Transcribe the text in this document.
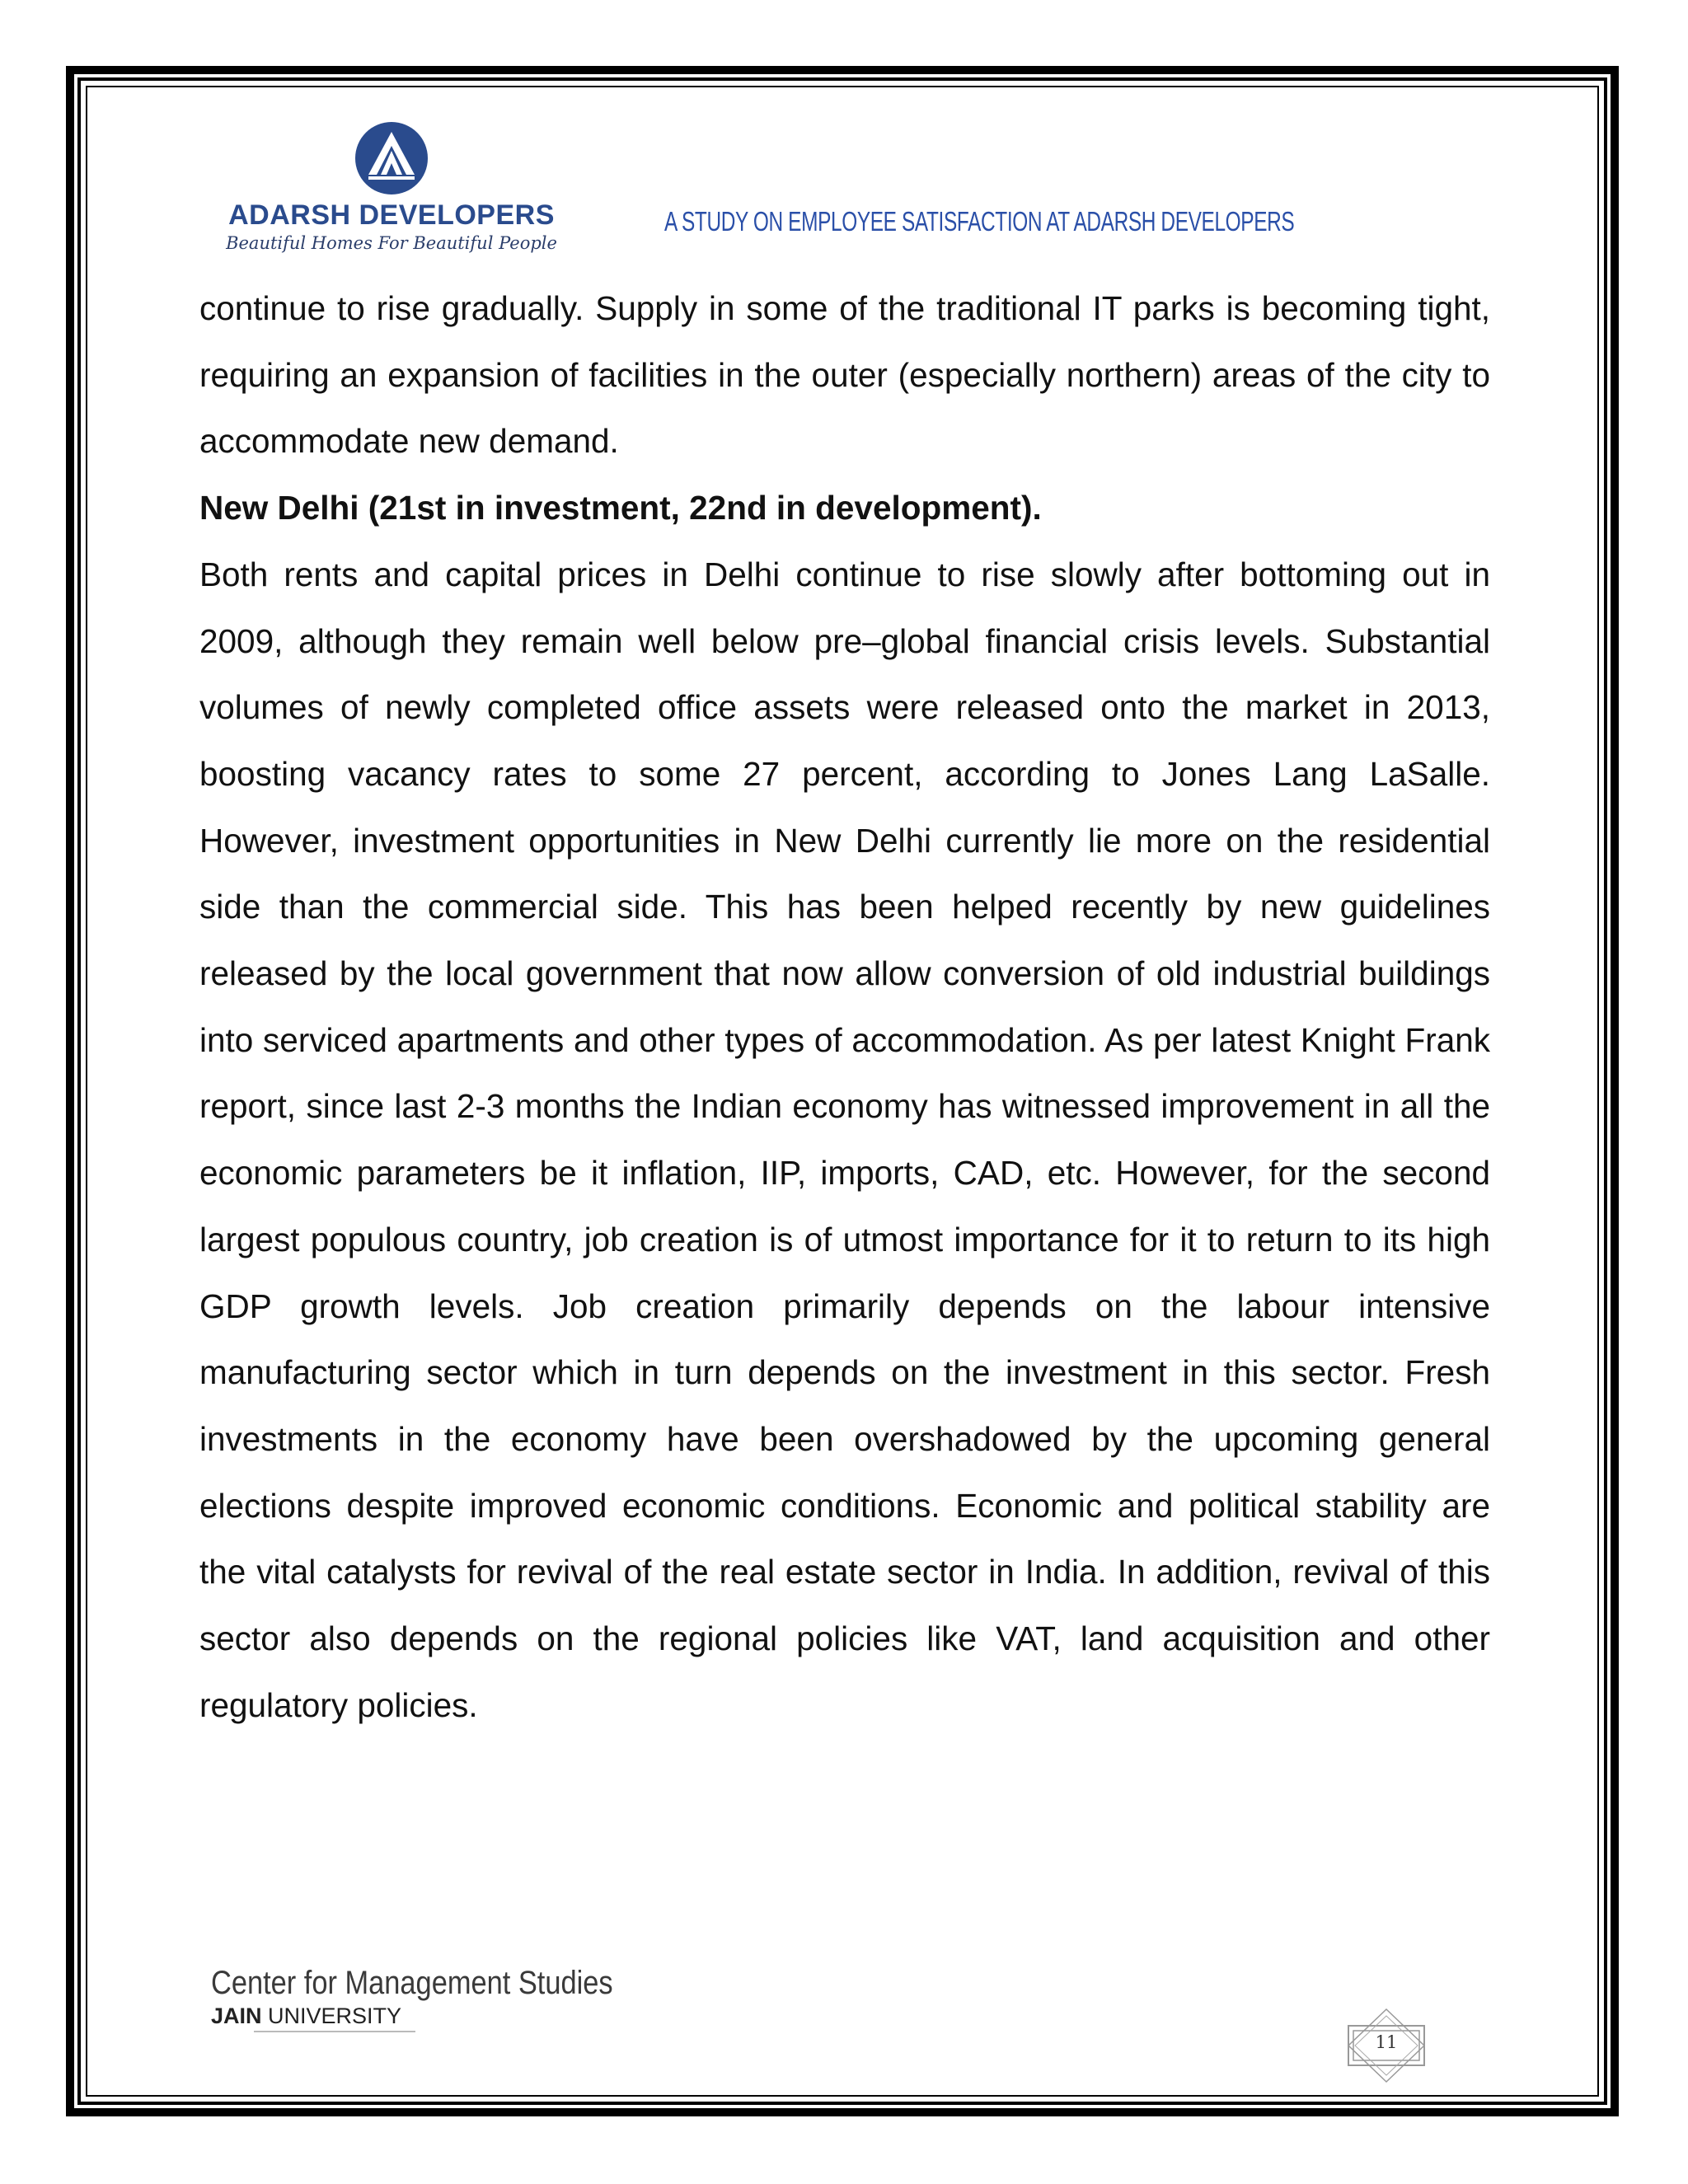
ADARSH DEVELOPERS
Beautiful Homes For Beautiful People
A STUDY ON EMPLOYEE SATISFACTION AT ADARSH DEVELOPERS

continue to rise gradually. Supply in some of the traditional IT parks is becoming tight, requiring an expansion of facilities in the outer (especially northern) areas of the city to accommodate new demand.

New Delhi (21st in investment, 22nd in development).

Both rents and capital prices in Delhi continue to rise slowly after bottoming out in 2009, although they remain well below pre–global financial crisis levels. Substantial volumes of newly completed office assets were released onto the market in 2013, boosting vacancy rates to some 27 percent, according to Jones Lang LaSalle. However, investment opportunities in New Delhi currently lie more on the residential side than the commercial side. This has been helped recently by new guidelines released by the local government that now allow conversion of old industrial buildings into serviced apartments and other types of accommodation. As per latest Knight Frank report, since last 2-3 months the Indian economy has witnessed improvement in all the economic parameters be it inflation, IIP, imports, CAD, etc. However, for the second largest populous country, job creation is of utmost importance for it to return to its high GDP growth levels. Job creation primarily depends on the labour intensive manufacturing sector which in turn depends on the investment in this sector. Fresh investments in the economy have been overshadowed by the upcoming general elections despite improved economic conditions. Economic and political stability are the vital catalysts for revival of the real estate sector in India. In addition, revival of this sector also depends on the regional policies like VAT, land acquisition and other regulatory policies.

Center for Management Studies
JAIN UNIVERSITY
11
